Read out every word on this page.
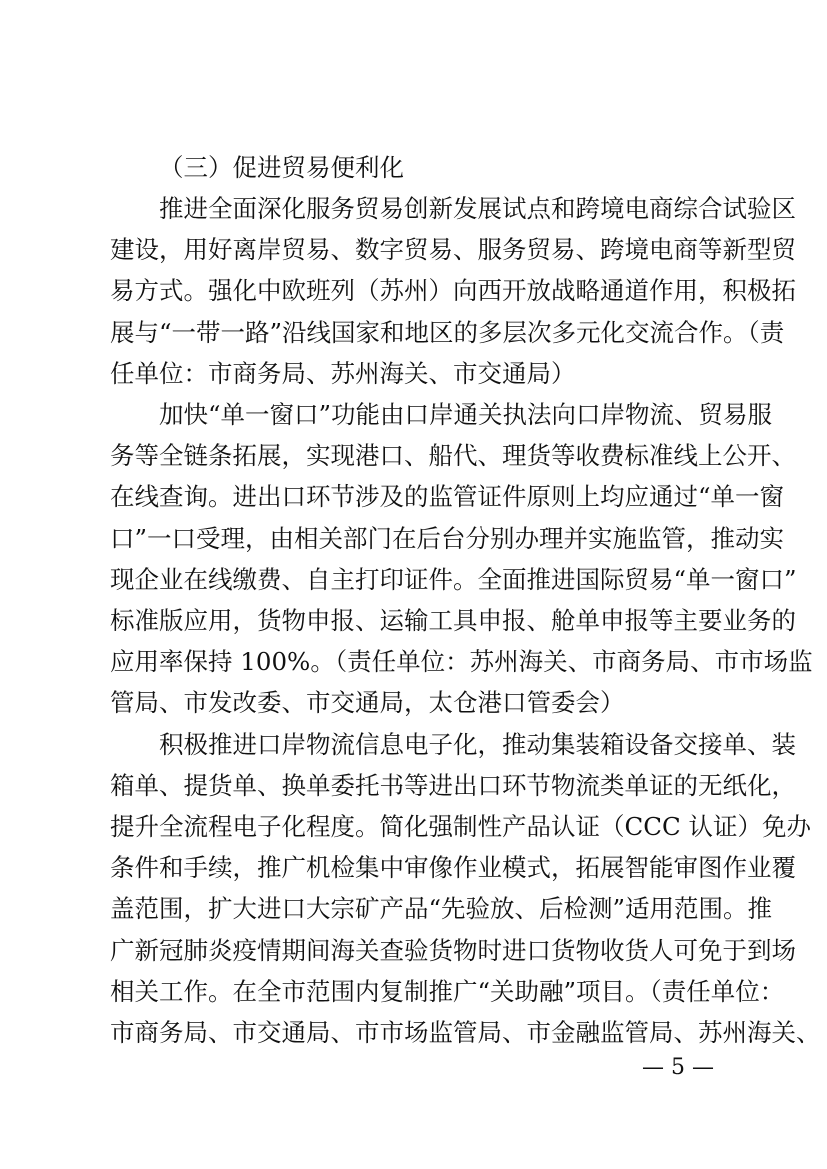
（三）促进贸易便利化
推进全面深化服务贸易创新发展试点和跨境电商综合试验区
建设，用好离岸贸易、数字贸易、服务贸易、跨境电商等新型贸
易方式。强化中欧班列（苏州）向西开放战略通道作用，积极拓
展与“一带一路”沿线国家和地区的多层次多元化交流合作。（责
任单位：市商务局、苏州海关、市交通局）
加快“单一窗口”功能由口岸通关执法向口岸物流、贸易服
务等全链条拓展，实现港口、船代、理货等收费标准线上公开、
在线查询。进出口环节涉及的监管证件原则上均应通过“单一窗
口”一口受理，由相关部门在后台分别办理并实施监管，推动实
现企业在线缴费、自主打印证件。全面推进国际贸易“单一窗口”
标准版应用，货物申报、运输工具申报、舱单申报等主要业务的
应用率保持 100%。（责任单位：苏州海关、市商务局、市市场监
管局、市发改委、市交通局，太仓港口管委会）
积极推进口岸物流信息电子化，推动集装箱设备交接单、装
箱单、提货单、换单委托书等进出口环节物流类单证的无纸化，
提升全流程电子化程度。简化强制性产品认证（CCC 认证）免办
条件和手续，推广机检集中审像作业模式，拓展智能审图作业覆
盖范围，扩大进口大宗矿产品“先验放、后检测”适用范围。推
广新冠肺炎疫情期间海关查验货物时进口货物收货人可免于到场
相关工作。在全市范围内复制推广“关助融”项目。（责任单位：
— 5 —
市商务局、市交通局、市市场监管局、市金融监管局、苏州海关、
